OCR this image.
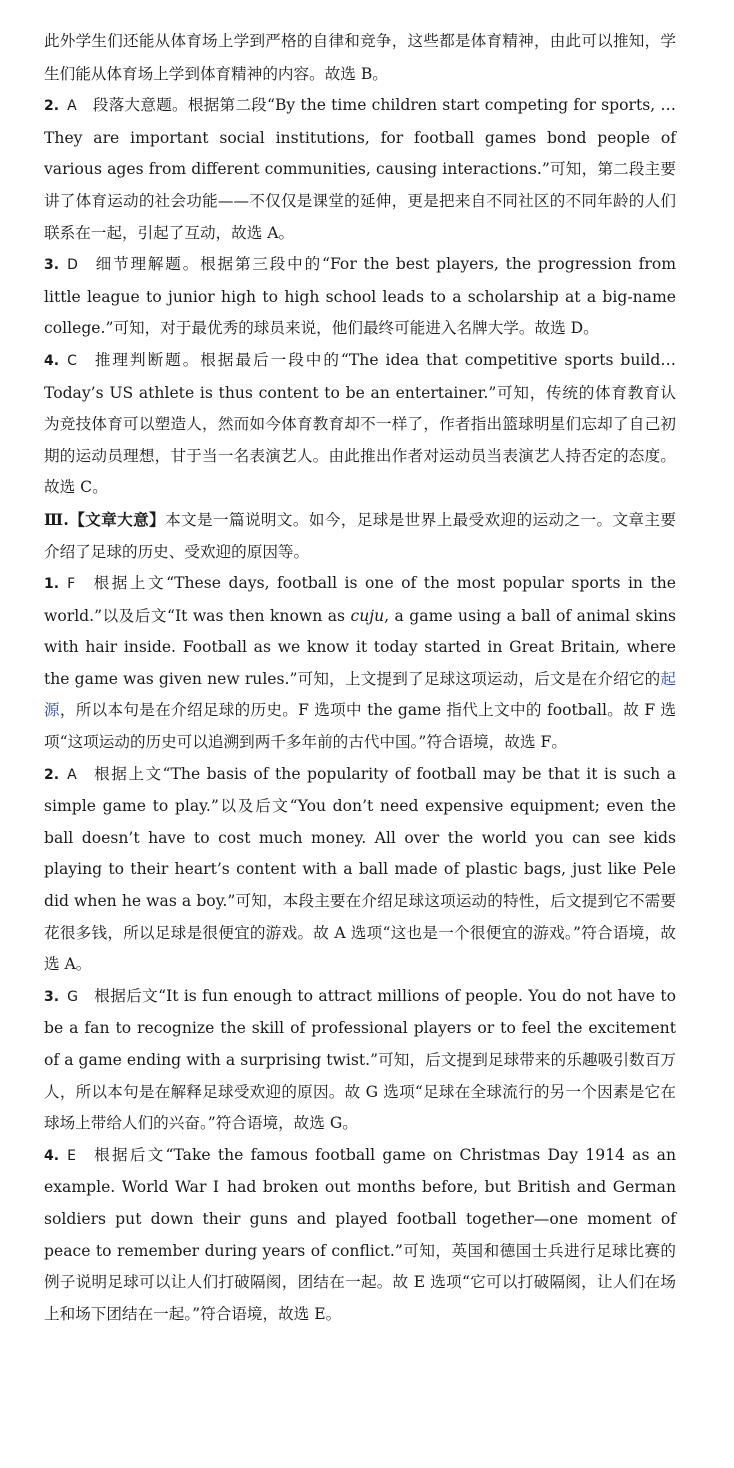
此外学生们还能从体育场上学到严格的自律和竞争，这些都是体育精神，由此可以推知，学生们能从体育场上学到体育精神的内容。故选 B。

2. A 段落大意题。根据第二段“By the time children start competing for sports, … They are important social institutions, for football games bond people of various ages from different communities, causing interactions.”可知，第二段主要讲了体育运动的社会功能——不仅仅是课堂的延伸，更是把来自不同社区的不同年龄的人们联系在一起，引起了互动，故选 A。

3. D 细节理解题。根据第三段中的“For the best players, the progression from little league to junior high to high school leads to a scholarship at a big-name college.”可知，对于最优秀的球员来说，他们最终可能进入名牌大学。故选 D。

4. C 推理判断题。根据最后一段中的“The idea that competitive sports build… Today’s US athlete is thus content to be an entertainer.”可知，传统的体育教育认为竞技体育可以塑造人，然而如今体育教育却不一样了，作者指出篮球明星们忘却了自己初期的运动员理想，甘于当一名表演艺人。由此推出作者对运动员当表演艺人持否定的态度。故选 C。

Ⅲ.【文章大意】本文是一篇说明文。如今，足球是世界上最受欢迎的运动之一。文章主要介绍了足球的历史、受欢迎的原因等。

1. F 根据上文“These days, football is one of the most popular sports in the world.”以及后文“It was then known as cuju, a game using a ball of animal skins with hair inside. Football as we know it today started in Great Britain, where the game was given new rules.”可知，上文提到了足球这项运动，后文是在介绍它的起源，所以本句是在介绍足球的历史。F 选项中 the game 指代上文中的 football。故 F 选项“这项运动的历史可以追溯到两千多年前的古代中国。”符合语境，故选 F。

2. A 根据上文“The basis of the popularity of football may be that it is such a simple game to play.”以及后文“You don’t need expensive equipment; even the ball doesn’t have to cost much money. All over the world you can see kids playing to their heart’s content with a ball made of plastic bags, just like Pele did when he was a boy.”可知，本段主要在介绍足球这项运动的特性，后文提到它不需要花很多钱，所以足球是很便宜的游戏。故 A 选项“这也是一个很便宜的游戏。”符合语境，故选 A。

3. G 根据后文“It is fun enough to attract millions of people. You do not have to be a fan to recognize the skill of professional players or to feel the excitement of a game ending with a surprising twist.”可知，后文提到足球带来的乐趣吸引数百万人，所以本句是在解释足球受欢迎的原因。故 G 选项“足球在全球流行的另一个因素是它在球场上带给人们的兴奋。”符合语境，故选 G。

4. E 根据后文“Take the famous football game on Christmas Day 1914 as an example. World War Ⅰ had broken out months before, but British and German soldiers put down their guns and played football together—one moment of peace to remember during years of conflict.”可知，英国和德国士兵进行足球比赛的例子说明足球可以让人们打破隔阂，团结在一起。故 E 选项“它可以打破隔阂，让人们在场上和场下团结在一起。”符合语境，故选 E。
